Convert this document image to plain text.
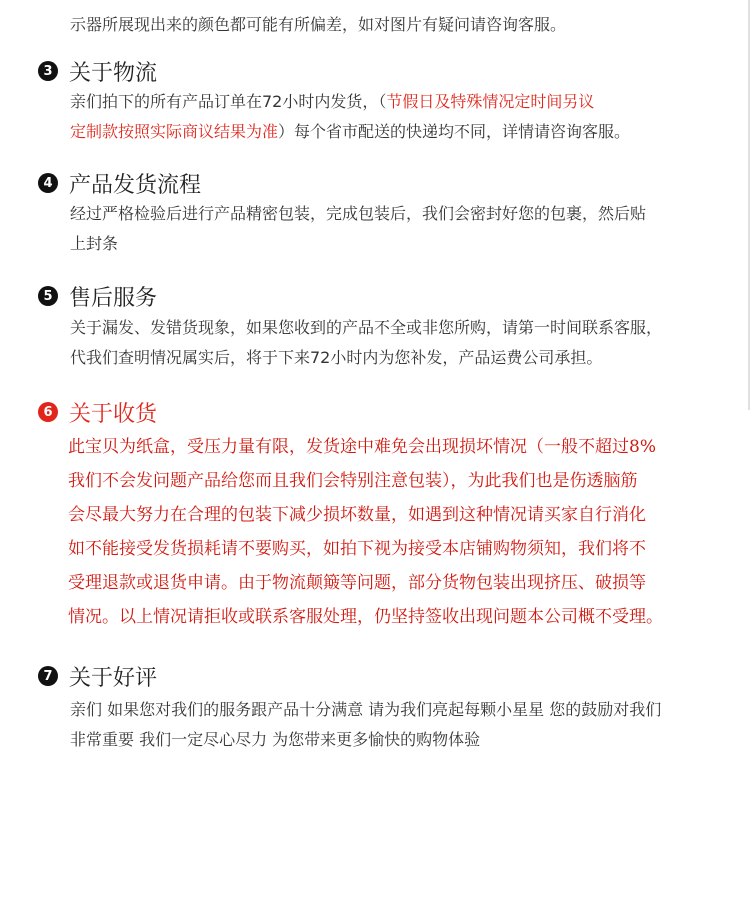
示器所展现出来的颜色都可能有所偏差，如对图片有疑问请咨询客服。
3 关于物流
亲们拍下的所有产品订单在72小时内发货，（节假日及特殊情况定时间另议
定制款按照实际商议结果为准）每个省市配送的快递均不同，详情请咨询客服。
4 产品发货流程
经过严格检验后进行产品精密包装，完成包装后，我们会密封好您的包裹，然后贴
上封条
5 售后服务
关于漏发、发错货现象，如果您收到的产品不全或非您所购，请第一时间联系客服，
代我们查明情况属实后，将于下来72小时内为您补发，产品运费公司承担。
6 关于收货
此宝贝为纸盒，受压力量有限，发货途中难免会出现损坏情况（一般不超过8%
我们不会发问题产品给您而且我们会特别注意包装），为此我们也是伤透脑筋
会尽最大努力在合理的包装下减少损坏数量，如遇到这种情况请买家自行消化
如不能接受发货损耗请不要购买，如拍下视为接受本店铺购物须知，我们将不
受理退款或退货申请。由于物流颠簸等问题，部分货物包装出现挤压、破损等
情况。以上情况请拒收或联系客服处理，仍坚持签收出现问题本公司概不受理。
7 关于好评
亲们 如果您对我们的服务跟产品十分满意 请为我们亮起每颗小星星 您的鼓励对我们
非常重要 我们一定尽心尽力 为您带来更多愉快的购物体验
